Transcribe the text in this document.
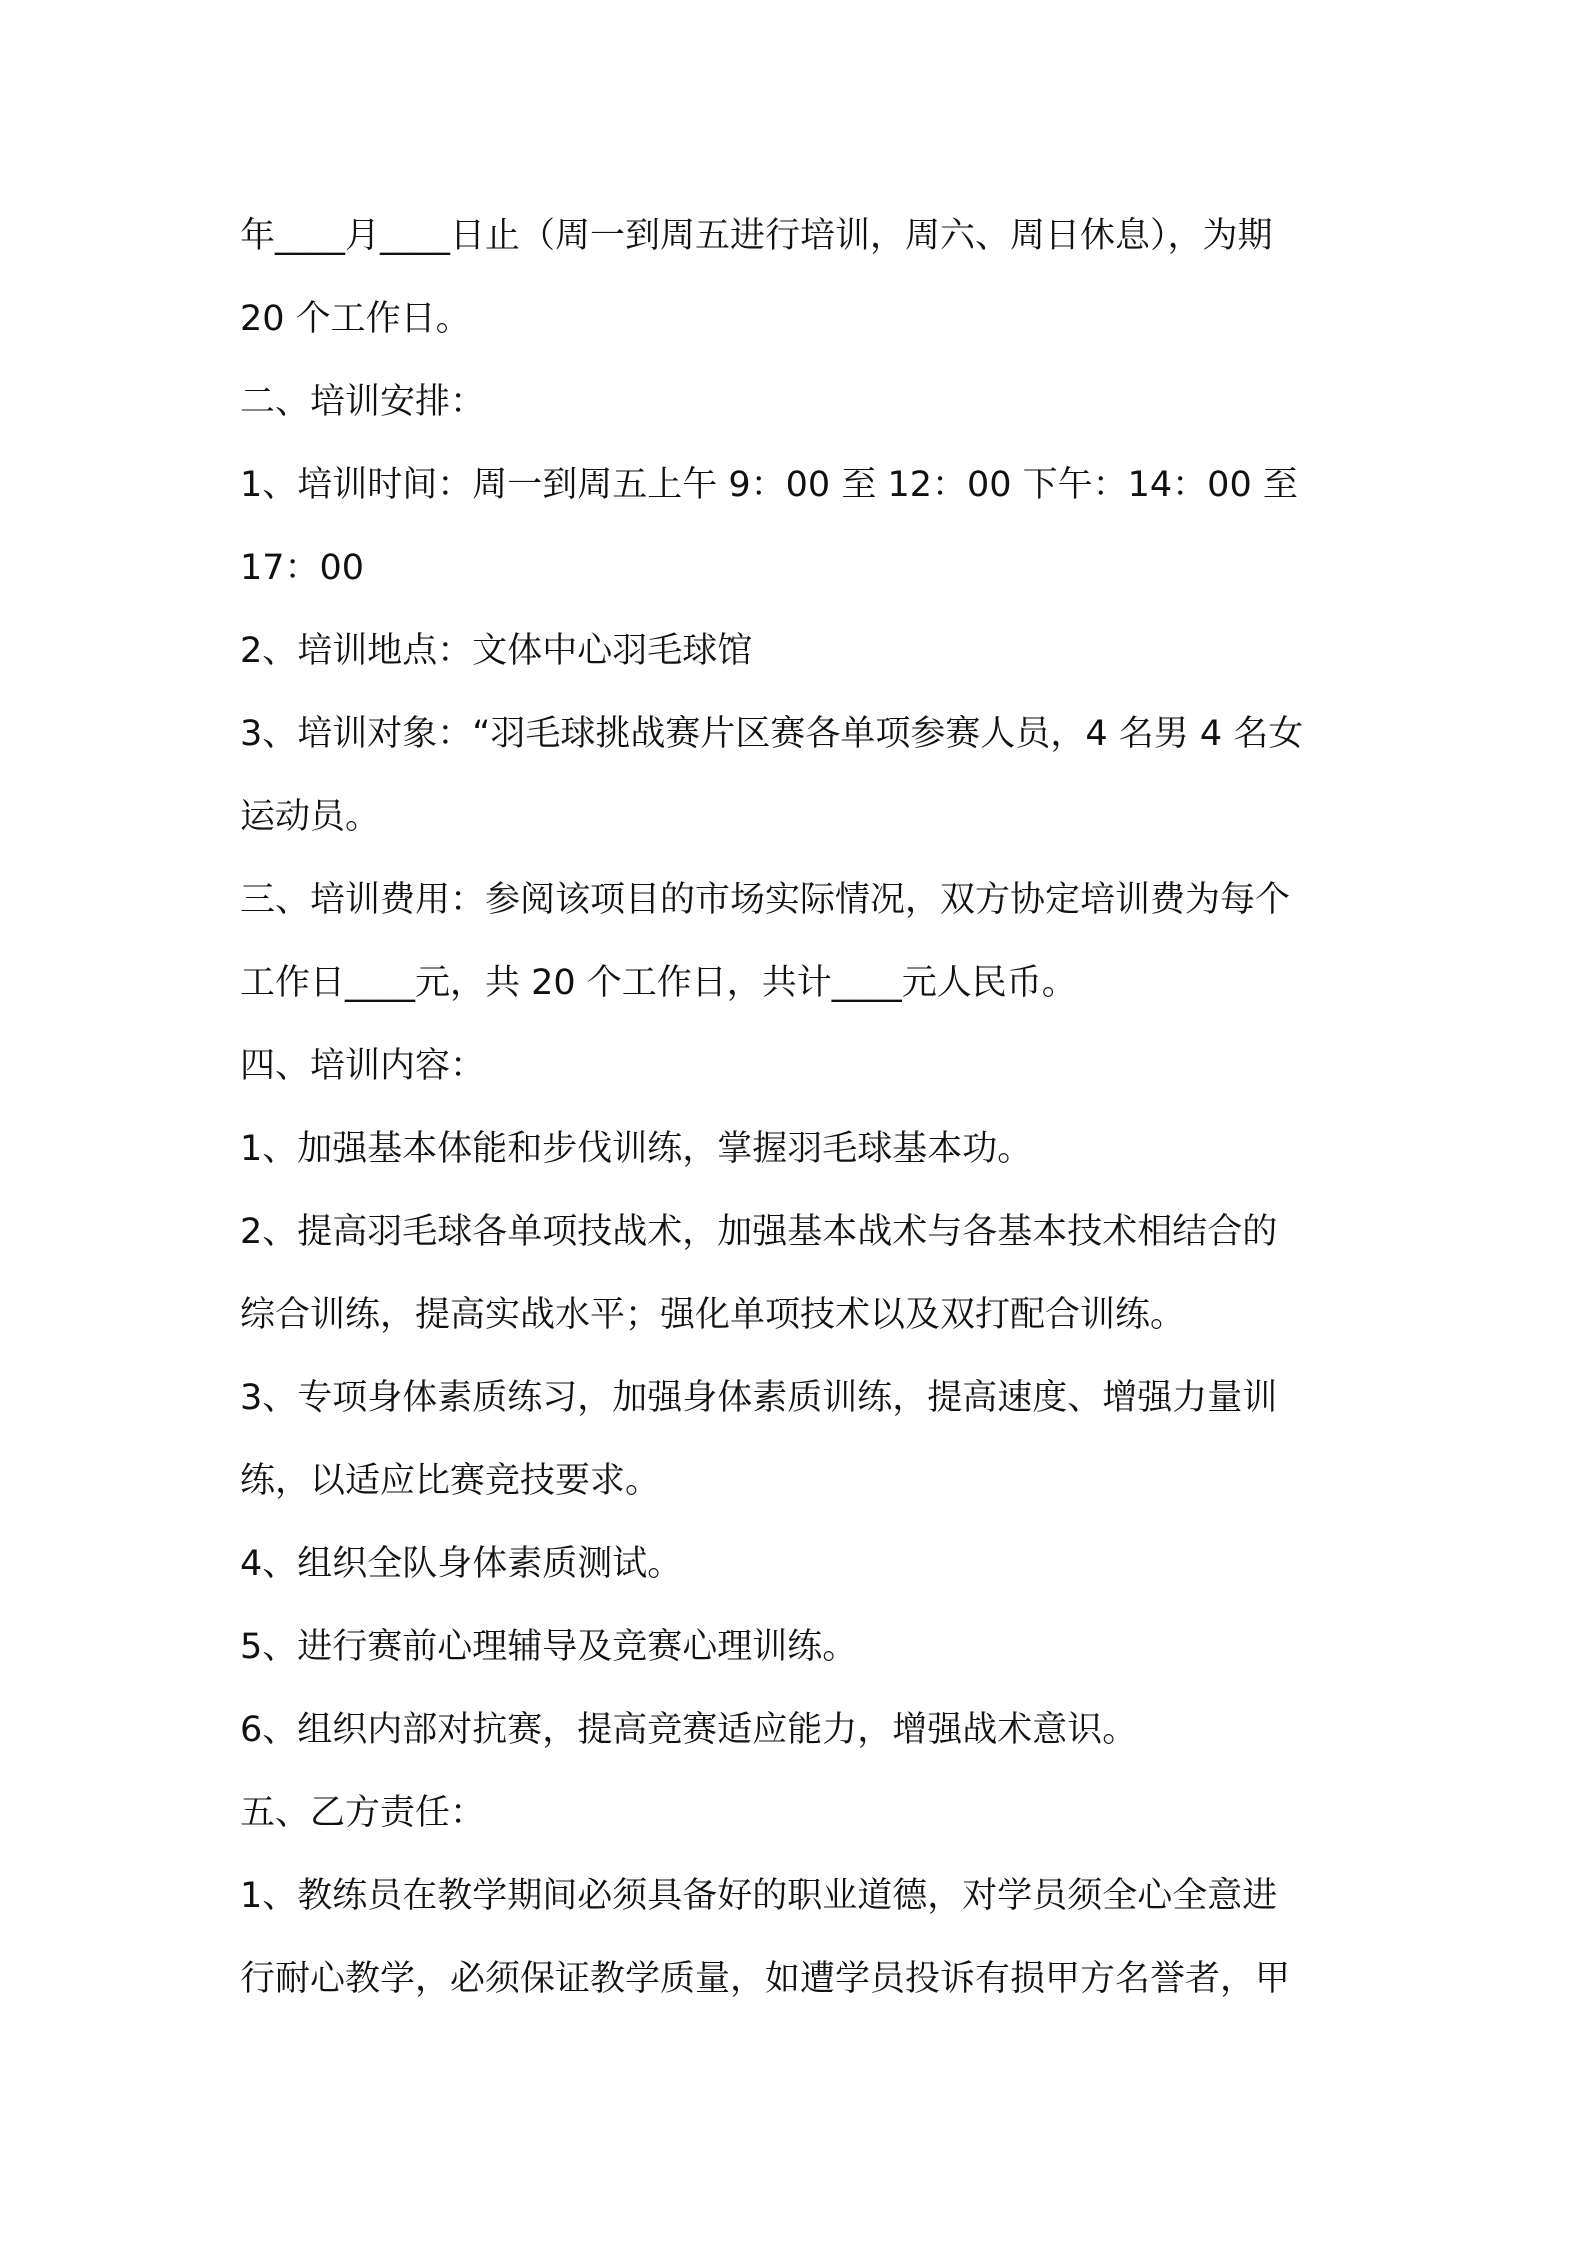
年____月____日止（周一到周五进行培训，周六、周日休息），为期
20 个工作日。
二、培训安排：
1、培训时间：周一到周五上午 9：00 至 12：00 下午：14：00 至
17：00
2、培训地点：文体中心羽毛球馆
3、培训对象：“羽毛球挑战赛片区赛各单项参赛人员，4 名男 4 名女
运动员。
三、培训费用：参阅该项目的市场实际情况，双方协定培训费为每个
工作日____元，共 20 个工作日，共计____元人民币。
四、培训内容：
1、加强基本体能和步伐训练，掌握羽毛球基本功。
2、提高羽毛球各单项技战术，加强基本战术与各基本技术相结合的
综合训练，提高实战水平；强化单项技术以及双打配合训练。
3、专项身体素质练习，加强身体素质训练，提高速度、增强力量训
练，以适应比赛竞技要求。
4、组织全队身体素质测试。
5、进行赛前心理辅导及竞赛心理训练。
6、组织内部对抗赛，提高竞赛适应能力，增强战术意识。
五、乙方责任：
1、教练员在教学期间必须具备好的职业道德，对学员须全心全意进
行耐心教学，必须保证教学质量，如遭学员投诉有损甲方名誉者，甲
